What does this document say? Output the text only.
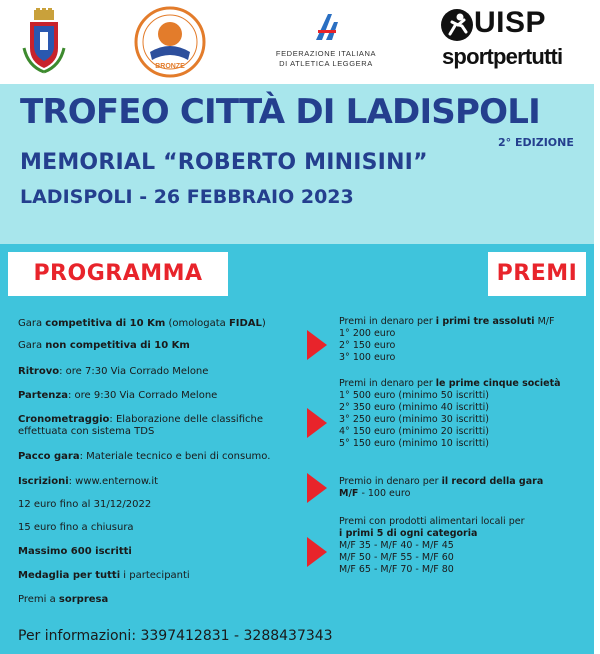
BRONZE
FEDERAZIONE ITALIANA
DI ATLETICA LEGGERA
UISP
sportpertutti
TROFEO CITTÀ DI LADISPOLI
2° EDIZIONE
MEMORIAL “ROBERTO MINISINI”
LADISPOLI - 26 FEBBRAIO 2023
PROGRAMMA	PREMI
Gara competitiva di 10 Km (omologata FIDAL)
Gara non competitiva di 10 Km
Ritrovo: ore 7:30 Via Corrado Melone
Partenza: ore 9:30 Via Corrado Melone
Cronometraggio: Elaborazione delle classifiche
effettuata con sistema TDS
Pacco gara: Materiale tecnico e beni di consumo.
Iscrizioni: www.enternow.it
12 euro fino al 31/12/2022
15 euro fino a chiusura
Massimo 600 iscritti
Medaglia per tutti i partecipanti
Premi a sorpresa
Premi in denaro per i primi tre assoluti M/F
1° 200 euro
2° 150 euro
3° 100 euro
Premi in denaro per le prime cinque società
1° 500 euro (minimo 50 iscritti)
2° 350 euro (minimo 40 iscritti)
3° 250 euro (minimo 30 iscritti)
4° 150 euro (minimo 20 iscritti)
5° 150 euro (minimo 10 iscritti)
Premio in denaro per il record della gara
M/F - 100 euro
Premi con prodotti alimentari locali per
i primi 5 di ogni categoria
M/F 35 - M/F 40 - M/F 45
M/F 50 - M/F 55 - M/F 60
M/F 65 - M/F 70 - M/F 80
Per informazioni: 3397412831 - 3288437343
